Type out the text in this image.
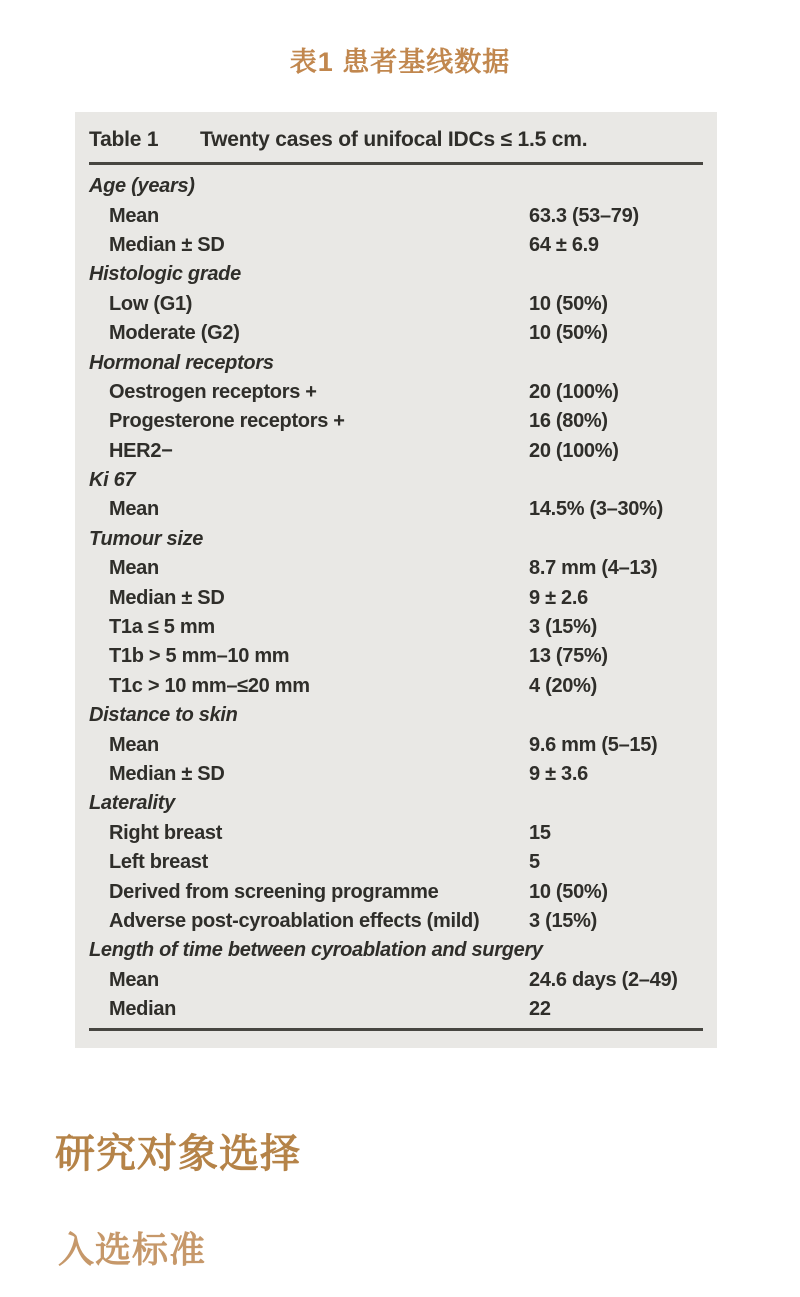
表1 患者基线数据
Table 1 Twenty cases of unifocal IDCs ≤ 1.5 cm.
Age (years)
Mean	63.3 (53–79)
Median ± SD	64 ± 6.9
Histologic grade
Low (G1)	10 (50%)
Moderate (G2)	10 (50%)
Hormonal receptors
Oestrogen receptors +	20 (100%)
Progesterone receptors +	16 (80%)
HER2−	20 (100%)
Ki 67
Mean	14.5% (3–30%)
Tumour size
Mean	8.7 mm (4–13)
Median ± SD	9 ± 2.6
T1a ≤ 5 mm	3 (15%)
T1b > 5 mm–10 mm	13 (75%)
T1c > 10 mm–≤20 mm	4 (20%)
Distance to skin
Mean	9.6 mm (5–15)
Median ± SD	9 ± 3.6
Laterality
Right breast	15
Left breast	5
Derived from screening programme	10 (50%)
Adverse post-cyroablation effects (mild)	3 (15%)
Length of time between cyroablation and surgery
Mean	24.6 days (2–49)
Median	22
研究对象选择
入选标准
